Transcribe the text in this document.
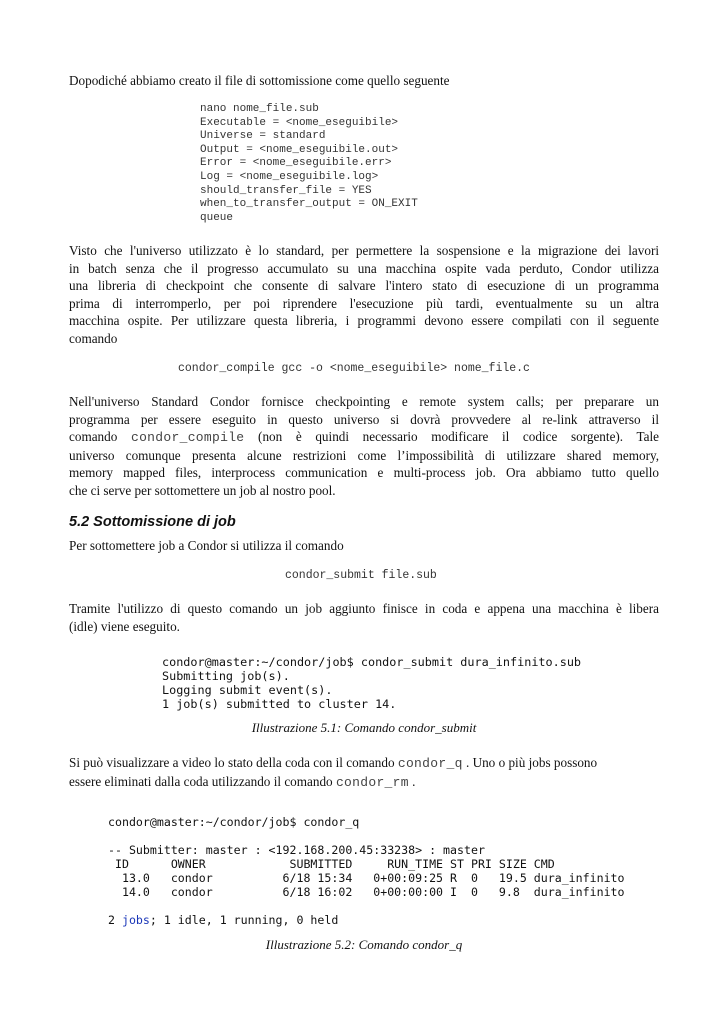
Dopodiché abbiamo creato il file di sottomissione come quello seguente

nano nome_file.sub
Executable = <nome_eseguibile>
Universe = standard
Output = <nome_eseguibile.out>
Error = <nome_eseguibile.err>
Log = <nome_eseguibile.log>
should_transfer_file = YES
when_to_transfer_output = ON_EXIT
queue

Visto che l'universo utilizzato è lo standard, per permettere la sospensione e la migrazione dei lavori
in batch senza che il progresso accumulato su una macchina ospite vada perduto, Condor utilizza
una libreria di checkpoint che consente di salvare l'intero stato di esecuzione di un programma
prima di interromperlo, per poi riprendere l'esecuzione più tardi, eventualmente su un altra
macchina ospite. Per utilizzare questa libreria, i programmi devono essere compilati con il seguente
comando

condor_compile gcc -o <nome_eseguibile> nome_file.c

Nell'universo Standard Condor fornisce checkpointing e remote system calls; per preparare un
programma per essere eseguito in questo universo si dovrà provvedere al re-link attraverso il
comando condor_compile (non è quindi necessario modificare il codice sorgente). Tale
universo comunque presenta alcune restrizioni come l’impossibilità di utilizzare shared memory,
memory mapped files, interprocess communication e multi-process job. Ora abbiamo tutto quello
che ci serve per sottomettere un job al nostro pool.

5.2 Sottomissione di job

Per sottomettere job a Condor si utilizza il comando

condor_submit file.sub

Tramite l'utilizzo di questo comando un job aggiunto finisce in coda e appena una macchina è libera
(idle) viene eseguito.

condor@master:~/condor/job$ condor_submit dura_infinito.sub
Submitting job(s).
Logging submit event(s).
1 job(s) submitted to cluster 14.
Illustrazione 5.1: Comando condor_submit

Si può visualizzare a video lo stato della coda con il comando condor_q . Uno o più jobs possono
essere eliminati dalla coda utilizzando il comando condor_rm .

condor@master:~/condor/job$ condor_q

-- Submitter: master : <192.168.200.45:33238> : master
ID      OWNER            SUBMITTED     RUN_TIME ST PRI SIZE CMD
13.0   condor          6/18 15:34   0+00:09:25 R  0   19.5 dura_infinito
14.0   condor          6/18 16:02   0+00:00:00 I  0   9.8  dura_infinito

2 jobs; 1 idle, 1 running, 0 held
Illustrazione 5.2: Comando condor_q
